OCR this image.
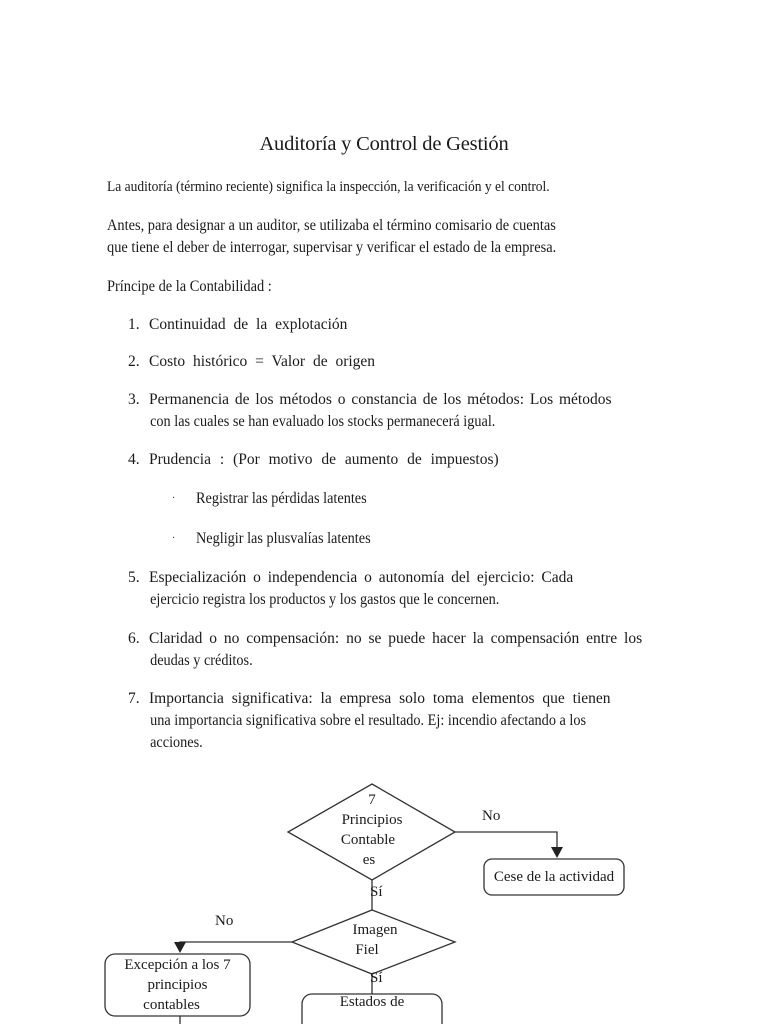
Auditoría y Control de Gestión
La auditoría (término reciente) significa la inspección, la verificación y el control.
Antes, para designar a un auditor, se utilizaba el término comisario de cuentas
que tiene el deber de interrogar, supervisar y verificar el estado de la empresa.
Príncipe de la Contabilidad :
1. Continuidad de la explotación
2. Costo histórico = Valor de origen
3. Permanencia de los métodos o constancia de los métodos: Los métodos
con las cuales se han evaluado los stocks permanecerá igual.
4. Prudencia : (Por motivo de aumento de impuestos)
· Registrar las pérdidas latentes
· Negligir las plusvalías latentes
5. Especialización o independencia o autonomía del ejercicio: Cada
ejercicio registra los productos y los gastos que le concernen.
6. Claridad o no compensación: no se puede hacer la compensación entre los
deudas y créditos.
7. Importancia significativa: la empresa solo toma elementos que tienen
una importancia significativa sobre el resultado. Ej: incendio afectando a los
acciones.
7
Principios
Contable
es
No
Sí
Imagen
Fiel
No
Sí
Cese de la actividad
Excepción a los 7
principios
contables	Estados de
